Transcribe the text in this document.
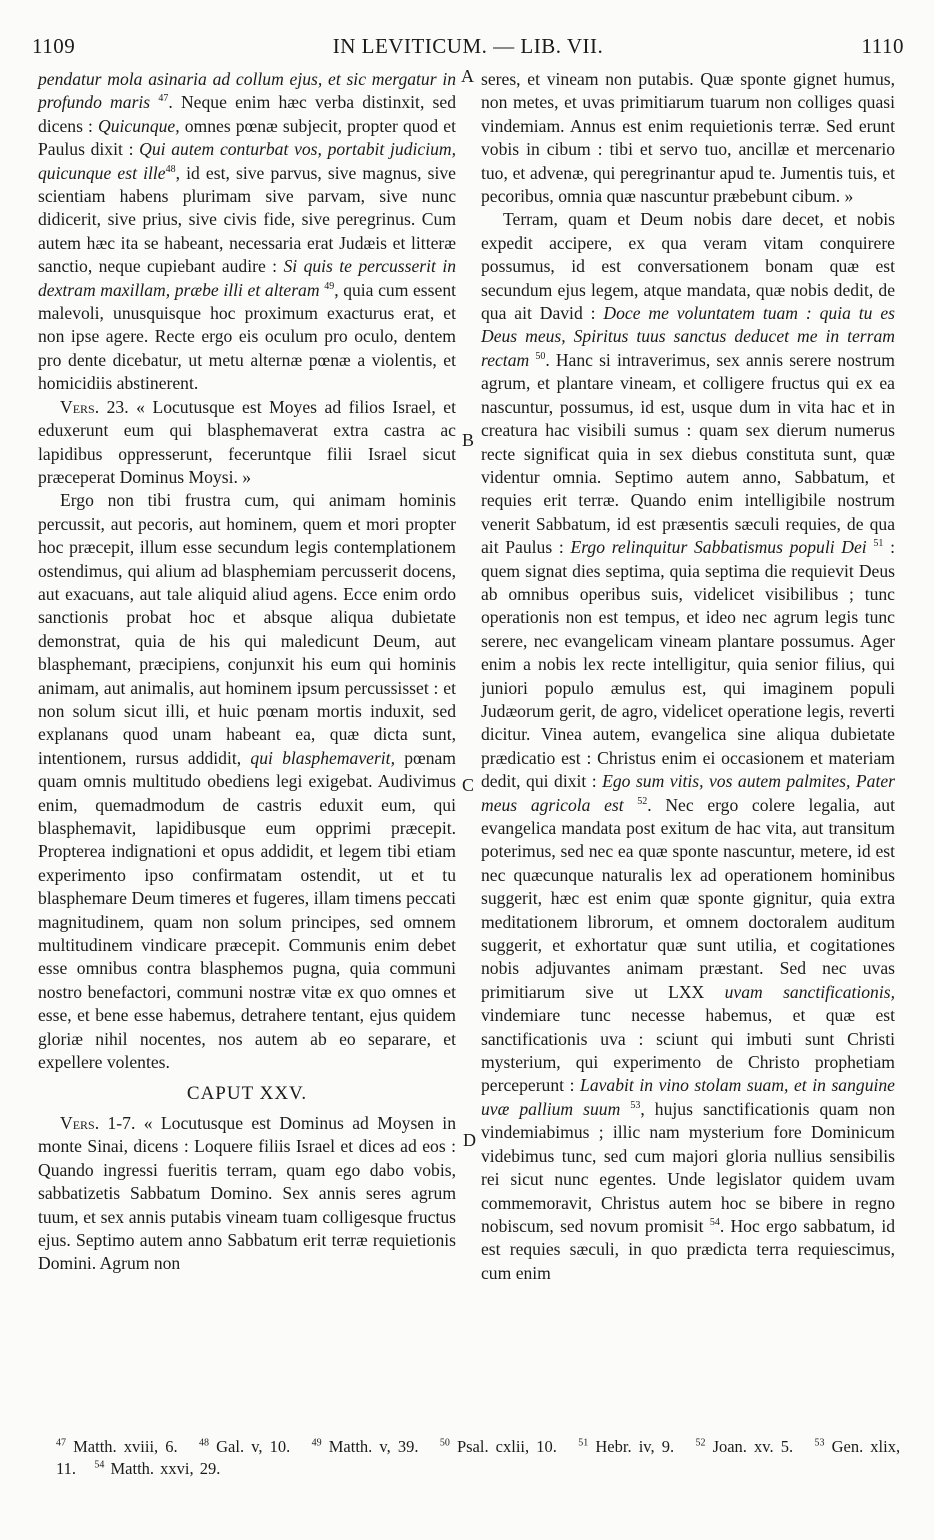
1109	IN LEVITICUM. — LIB. VII.	1110
A
B
C
D

pendatur mola asinaria ad collum ejus, et sic mergatur in profundo maris $^{47}$. Neque enim hæc verba distinxit, sed dicens : Quicunque, omnes pœnæ subjecit, propter quod et Paulus dixit : Qui autem conturbat vos, portabit judicium, quicunque est ille$^{48}$, id est, sive parvus, sive magnus, sive scientiam habens plurimam sive parvam, sive nunc didicerit, sive prius, sive civis fide, sive peregrinus. Cum autem hæc ita se habeant, necessaria erat Judæis et litteræ sanctio, neque cupiebant audire : Si quis te percusserit in dextram maxillam, præbe illi et alteram $^{49}$, quia cum essent malevoli, unusquisque hoc proximum exacturus erat, et non ipse agere. Recte ergo eis oculum pro oculo, dentem pro dente dicebatur, ut metu alternæ pœnæ a violentis, et homicidiis abstinerent.

Vers. 23. « Locutusque est Moyes ad filios Israel, et eduxerunt eum qui blasphemaverat extra castra ac lapidibus oppresserunt, feceruntque filii Israel sicut præceperat Dominus Moysi. »

Ergo non tibi frustra cum, qui animam hominis percussit, aut pecoris, aut hominem, quem et mori propter hoc præcepit, illum esse secundum legis contemplationem ostendimus, qui alium ad blasphemiam percusserit docens, aut exacuans, aut tale aliquid aliud agens. Ecce enim ordo sanctionis probat hoc et absque aliqua dubietate demonstrat, quia de his qui maledicunt Deum, aut blasphemant, præcipiens, conjunxit his eum qui hominis animam, aut animalis, aut hominem ipsum percussisset : et non solum sicut illi, et huic pœnam mortis induxit, sed explanans quod unam habeant ea, quæ dicta sunt, intentionem, rursus addidit, qui blasphemaverit, pœnam quam omnis multitudo obediens legi exigebat. Audivimus enim, quemadmodum de castris eduxit eum, qui blasphemavit, lapidibusque eum opprimi præcepit. Propterea indignationi et opus addidit, et legem tibi etiam experimento ipso confirmatam ostendit, ut et tu blasphemare Deum timeres et fugeres, illam timens peccati magnitudinem, quam non solum principes, sed omnem multitudinem vindicare præcepit. Communis enim debet esse omnibus contra blasphemos pugna, quia communi nostro benefactori, communi nostræ vitæ ex quo omnes et esse, et bene esse habemus, detrahere tentant, ejus quidem gloriæ nihil nocentes, nos autem ab eo separare, et expellere volentes.

CAPUT XXV.

Vers. 1-7. « Locutusque est Dominus ad Moysen in monte Sinai, dicens : Loquere filiis Israel et dices ad eos : Quando ingressi fueritis terram, quam ego dabo vobis, sabbatizetis Sabbatum Domino. Sex annis seres agrum tuum, et sex annis putabis vineam tuam colligesque fructus ejus. Septimo autem anno Sabbatum erit terræ requietionis Domini. Agrum non

seres, et vineam non putabis. Quæ sponte gignet humus, non metes, et uvas primitiarum tuarum non colliges quasi vindemiam. Annus est enim requietionis terræ. Sed erunt vobis in cibum : tibi et servo tuo, ancillæ et mercenario tuo, et advenæ, qui peregrinantur apud te. Jumentis tuis, et pecoribus, omnia quæ nascuntur præbebunt cibum. »

Terram, quam et Deum nobis dare decet, et nobis expedit accipere, ex qua veram vitam conquirere possumus, id est conversationem bonam quæ est secundum ejus legem, atque mandata, quæ nobis dedit, de qua ait David : Doce me voluntatem tuam : quia tu es Deus meus, Spiritus tuus sanctus deducet me in terram rectam $^{50}$. Hanc si intraverimus, sex annis serere nostrum agrum, et plantare vineam, et colligere fructus qui ex ea nascuntur, possumus, id est, usque dum in vita hac et in creatura hac visibili sumus : quam sex dierum numerus recte significat quia in sex diebus constituta sunt, quæ videntur omnia. Septimo autem anno, Sabbatum, et requies erit terræ. Quando enim intelligibile nostrum venerit Sabbatum, id est præsentis sæculi requies, de qua ait Paulus : Ergo relinquitur Sabbatismus populi Dei $^{51}$ : quem signat dies septima, quia septima die requievit Deus ab omnibus operibus suis, videlicet visibilibus ; tunc operationis non est tempus, et ideo nec agrum legis tunc serere, nec evangelicam vineam plantare possumus. Ager enim a nobis lex recte intelligitur, quia senior filius, qui juniori populo æmulus est, qui imaginem populi Judæorum gerit, de agro, videlicet operatione legis, reverti dicitur. Vinea autem, evangelica sine aliqua dubietate prædicatio est : Christus enim ei occasionem et materiam dedit, qui dixit : Ego sum vitis, vos autem palmites, Pater meus agricola est $^{52}$. Nec ergo colere legalia, aut evangelica mandata post exitum de hac vita, aut transitum poterimus, sed nec ea quæ sponte nascuntur, metere, id est nec quæcunque naturalis lex ad operationem hominibus suggerit, hæc est enim quæ sponte gignitur, quia extra meditationem librorum, et omnem doctoralem auditum suggerit, et exhortatur quæ sunt utilia, et cogitationes nobis adjuvantes animam præstant. Sed nec uvas primitiarum sive ut LXX uvam sanctificationis, vindemiare tunc necesse habemus, et quæ est sanctificationis uva : sciunt qui imbuti sunt Christi mysterium, qui experimento de Christo prophetiam perceperunt : Lavabit in vino stolam suam, et in sanguine uvæ pallium suum $^{53}$, hujus sanctificationis quam non vindemiabimus ; illic nam mysterium fore Dominicum videbimus tunc, sed cum majori gloria nullius sensibilis rei sicut nunc egentes. Unde legislator quidem uvam commemoravit, Christus autem hoc se bibere in regno nobiscum, sed novum promisit $^{54}$. Hoc ergo sabbatum, id est requies sæculi, in quo prædicta terra requiescimus, cum enim

$^{47}$ Matth. xviii, 6. $^{48}$ Gal. v, 10. $^{49}$ Matth. v, 39. $^{50}$ Psal. cxlii, 10. $^{51}$ Hebr. iv, 9. $^{52}$ Joan. xv. 5. $^{53}$ Gen. xlix, 11. $^{54}$ Matth. xxvi, 29.
